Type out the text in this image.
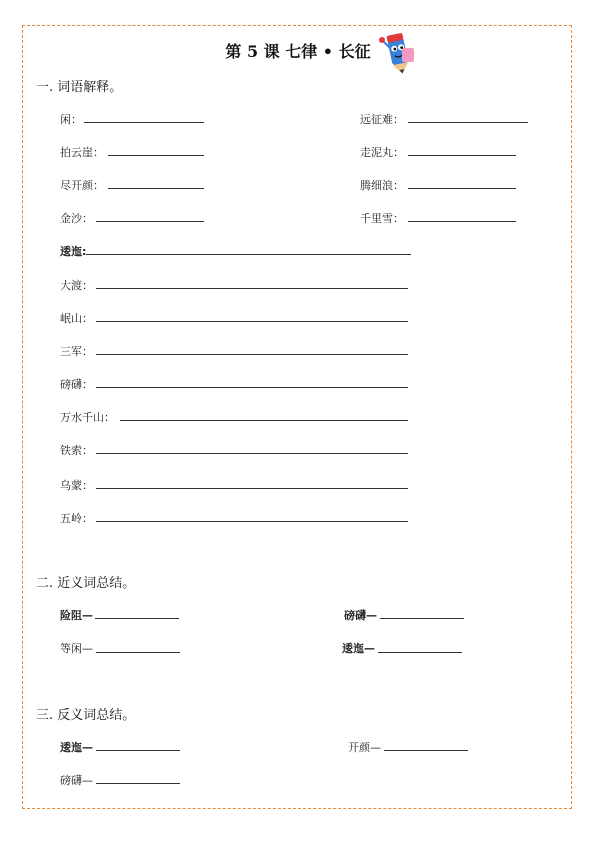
第 5 课 七律 • 长征
一. 词语解释。
闲：	远征难：
拍云崖：	走泥丸：
尽开颜：	腾细浪：
金沙：	千里雪：
逶迤:
大渡：
岷山：
三军：
磅礴：
万水千山：
铁索：
乌蒙：
五岭：
二. 近义词总结。
险阻—	磅礴—
等闲—	逶迤—
三. 反义词总结。
逶迤—	开颜—
磅礴—
